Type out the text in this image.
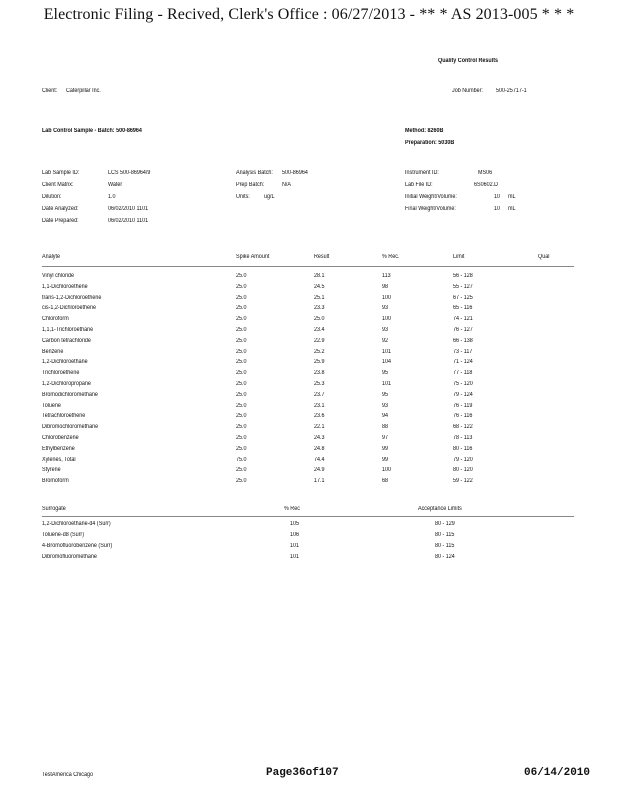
Electronic Filing - Recived, Clerk's Office : 06/27/2013 - ** * AS 2013-005 * * *
Quality Control Results
Client: Caterpillar Inc.	Job Number: 500-25717-1
Lab Control Sample - Batch: 500-86964	Method: 8260B
Preparation: 5030B
Lab Sample ID:	LCS 500-86964/9
Client Matrix:	Water
Dilution:	1.0
Date Analyzed:	06/02/2010 1101
Date Prepared:	06/02/2010 1101
Analysis Batch: 500-86964
Prep Batch:	N/A
Units: ug/L
Instrument ID:	MS06
Lab File ID:	6S0602.D
Initial Weight/Volume:	10 mL
Final Weight/Volume:	10 mL
Analyte	Spike Amount	Result	% Rec.	Limit	Qual
Vinyl chloride	25.0	28.1	113	56 - 128
1,1-Dichloroethene	25.0	24.5	98	55 - 127
trans-1,2-Dichloroethene	25.0	25.1	100	67 - 125
cis-1,2-Dichloroethene	25.0	23.3	93	65 - 116
Chloroform	25.0	25.0	100	74 - 121
1,1,1-Trichloroethane	25.0	23.4	93	76 - 127
Carbon tetrachloride	25.0	22.9	92	66 - 138
Benzene	25.0	25.2	101	73 - 117
1,2-Dichloroethane	25.0	25.9	104	71 - 124
Trichloroethene	25.0	23.8	95	77 - 118
1,2-Dichloropropane	25.0	25.3	101	75 - 120
Bromodichloromethane	25.0	23.7	95	79 - 124
Toluene	25.0	23.1	93	76 - 119
Tetrachloroethene	25.0	23.6	94	76 - 116
Dibromochloromethane	25.0	22.1	88	68 - 122
Chlorobenzene	25.0	24.3	97	78 - 113
Ethylbenzene	25.0	24.8	99	80 - 116
Xylenes, Total	75.0	74.4	99	79 - 120
Styrene	25.0	24.9	100	80 - 120
Bromoform	25.0	17.1	68	59 - 122
Surrogate	% Rec	Acceptance Limits
1,2-Dichloroethane-d4 (Surr)	105	80 - 129
Toluene-d8 (Surr)	106	80 - 115
4-Bromofluorobenzene (Surr)	101	80 - 115
Dibromofluoromethane	101	80 - 124
TestAmerica Chicago	Page36of107	06/14/2010
